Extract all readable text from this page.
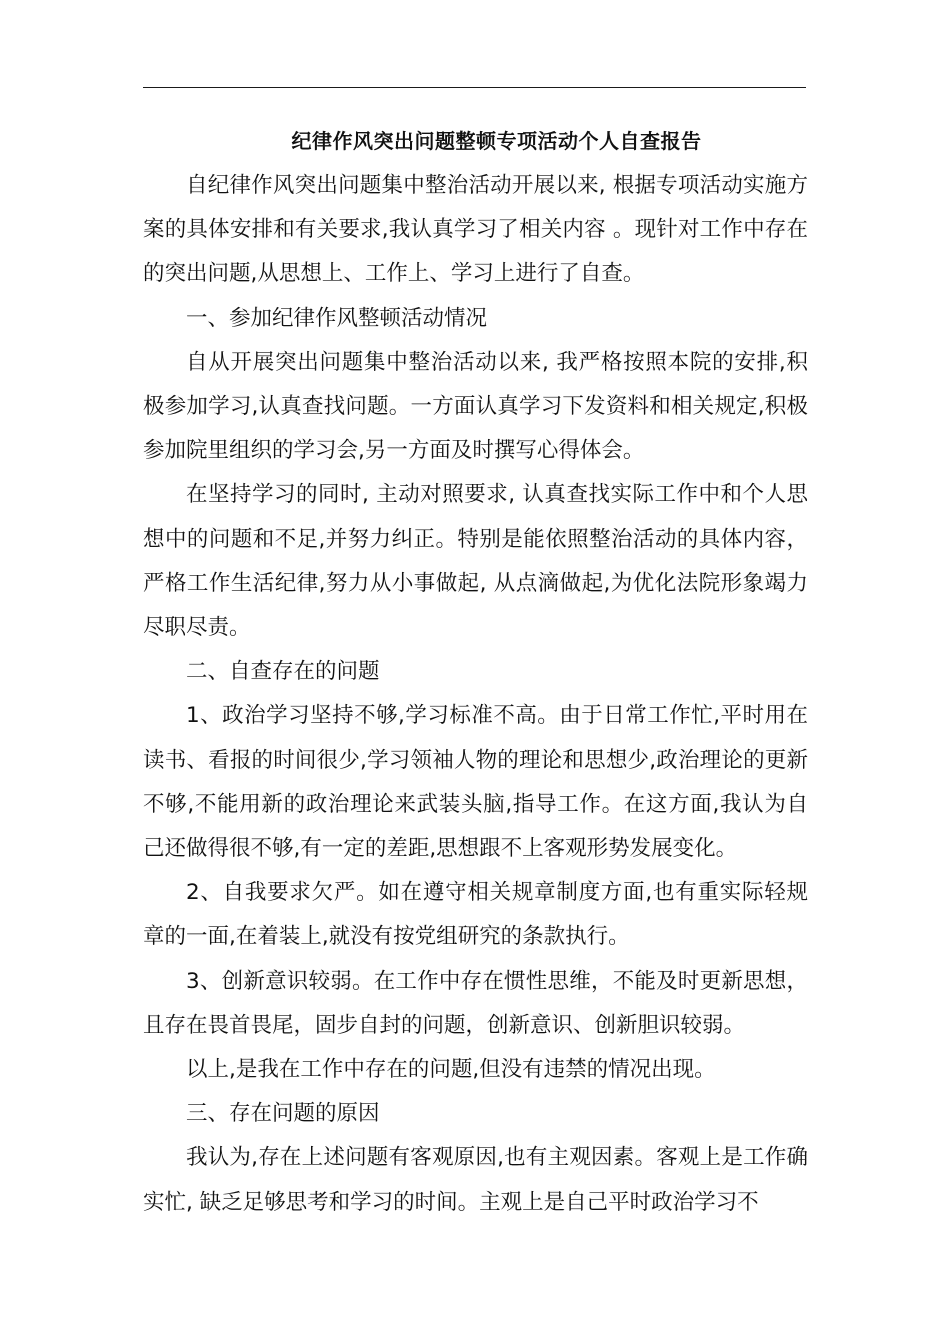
纪律作风突出问题整顿专项活动个人自查报告

自纪律作风突出问题集中整治活动开展以来, 根据专项活动实施方案的具体安排和有关要求,我认真学习了相关内容 。现针对工作中存在的突出问题,从思想上、工作上、学习上进行了自查。

一、参加纪律作风整顿活动情况

自从开展突出问题集中整治活动以来, 我严格按照本院的安排,积极参加学习,认真查找问题。一方面认真学习下发资料和相关规定,积极参加院里组织的学习会,另一方面及时撰写心得体会。

在坚持学习的同时, 主动对照要求, 认真查找实际工作中和个人思想中的问题和不足,并努力纠正。特别是能依照整治活动的具体内容，严格工作生活纪律,努力从小事做起, 从点滴做起,为优化法院形象竭力尽职尽责。

二、自查存在的问题

1、政治学习坚持不够,学习标准不高。由于日常工作忙,平时用在读书、看报的时间很少,学习领袖人物的理论和思想少,政治理论的更新不够,不能用新的政治理论来武装头脑,指导工作。在这方面,我认为自己还做得很不够,有一定的差距,思想跟不上客观形势发展变化。

2、自我要求欠严。如在遵守相关规章制度方面,也有重实际轻规章的一面,在着装上,就没有按党组研究的条款执行。

3、创新意识较弱。在工作中存在惯性思维，不能及时更新思想，且存在畏首畏尾，固步自封的问题，创新意识、创新胆识较弱。

以上,是我在工作中存在的问题,但没有违禁的情况出现。

三、存在问题的原因

我认为,存在上述问题有客观原因,也有主观因素。客观上是工作确实忙, 缺乏足够思考和学习的时间。主观上是自己平时政治学习不
